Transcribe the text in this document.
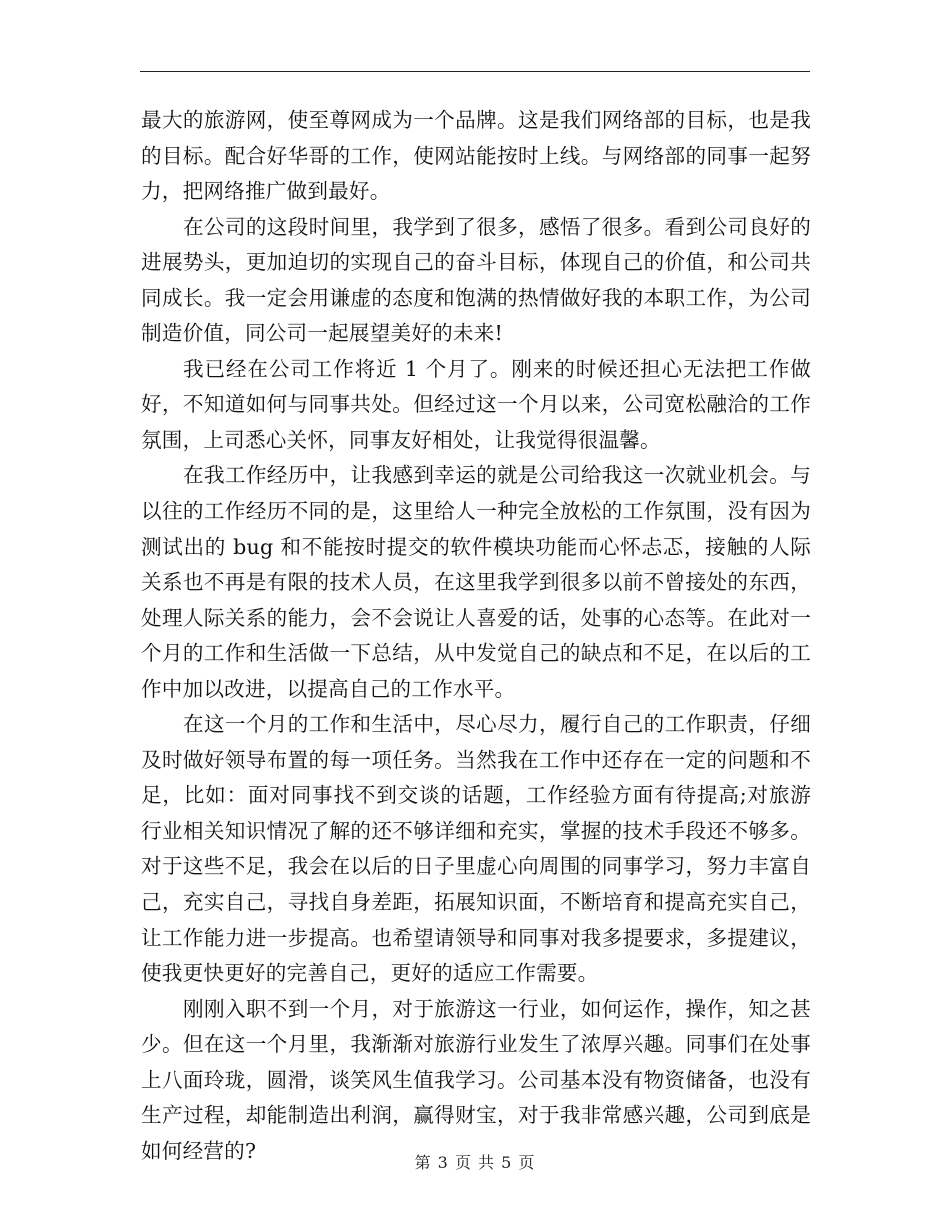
最大的旅游网，使至尊网成为一个品牌。这是我们网络部的目标，也是我的目标。配合好华哥的工作，使网站能按时上线。与网络部的同事一起努力，把网络推广做到最好。

在公司的这段时间里，我学到了很多，感悟了很多。看到公司良好的进展势头，更加迫切的实现自己的奋斗目标，体现自己的价值，和公司共同成长。我一定会用谦虚的态度和饱满的热情做好我的本职工作，为公司制造价值，同公司一起展望美好的未来!

我已经在公司工作将近 1 个月了。刚来的时候还担心无法把工作做好，不知道如何与同事共处。但经过这一个月以来，公司宽松融洽的工作氛围，上司悉心关怀，同事友好相处，让我觉得很温馨。

在我工作经历中，让我感到幸运的就是公司给我这一次就业机会。与以往的工作经历不同的是，这里给人一种完全放松的工作氛围，没有因为测试出的 bug 和不能按时提交的软件模块功能而心怀忐忑，接触的人际关系也不再是有限的技术人员，在这里我学到很多以前不曾接处的东西，处理人际关系的能力，会不会说让人喜爱的话，处事的心态等。在此对一个月的工作和生活做一下总结，从中发觉自己的缺点和不足，在以后的工作中加以改进，以提高自己的工作水平。

在这一个月的工作和生活中，尽心尽力，履行自己的工作职责，仔细及时做好领导布置的每一项任务。当然我在工作中还存在一定的问题和不足，比如：面对同事找不到交谈的话题，工作经验方面有待提高;对旅游行业相关知识情况了解的还不够详细和充实，掌握的技术手段还不够多。对于这些不足，我会在以后的日子里虚心向周围的同事学习，努力丰富自己，充实自己，寻找自身差距，拓展知识面，不断培育和提高充实自己，让工作能力进一步提高。也希望请领导和同事对我多提要求，多提建议，使我更快更好的完善自己，更好的适应工作需要。

刚刚入职不到一个月，对于旅游这一行业，如何运作，操作，知之甚少。但在这一个月里，我渐渐对旅游行业发生了浓厚兴趣。同事们在处事上八面玲珑，圆滑，谈笑风生值我学习。公司基本没有物资储备，也没有生产过程，却能制造出利润，赢得财宝，对于我非常感兴趣，公司到底是如何经营的?	第 3 页 共 5 页
